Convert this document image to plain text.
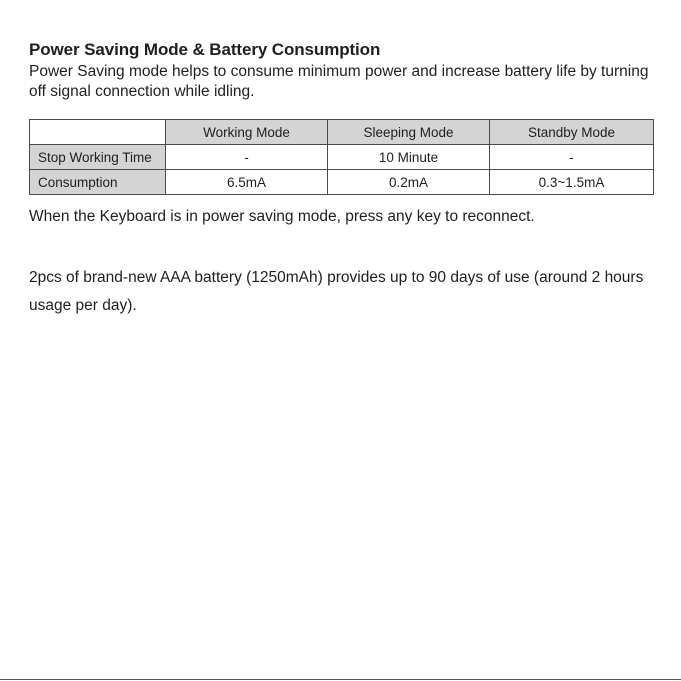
Power Saving Mode & Battery Consumption

Power Saving mode helps to consume minimum power and increase battery life by turning off signal connection while idling.

	Working Mode	Sleeping Mode	Standby Mode
Stop Working Time	-	10 Minute	-
Consumption	6.5mA	0.2mA	0.3~1.5mA

When the Keyboard is in power saving mode, press any key to reconnect.

2pcs of brand-new AAA battery (1250mAh) provides up to 90 days of use (around 2 hours usage per day).
